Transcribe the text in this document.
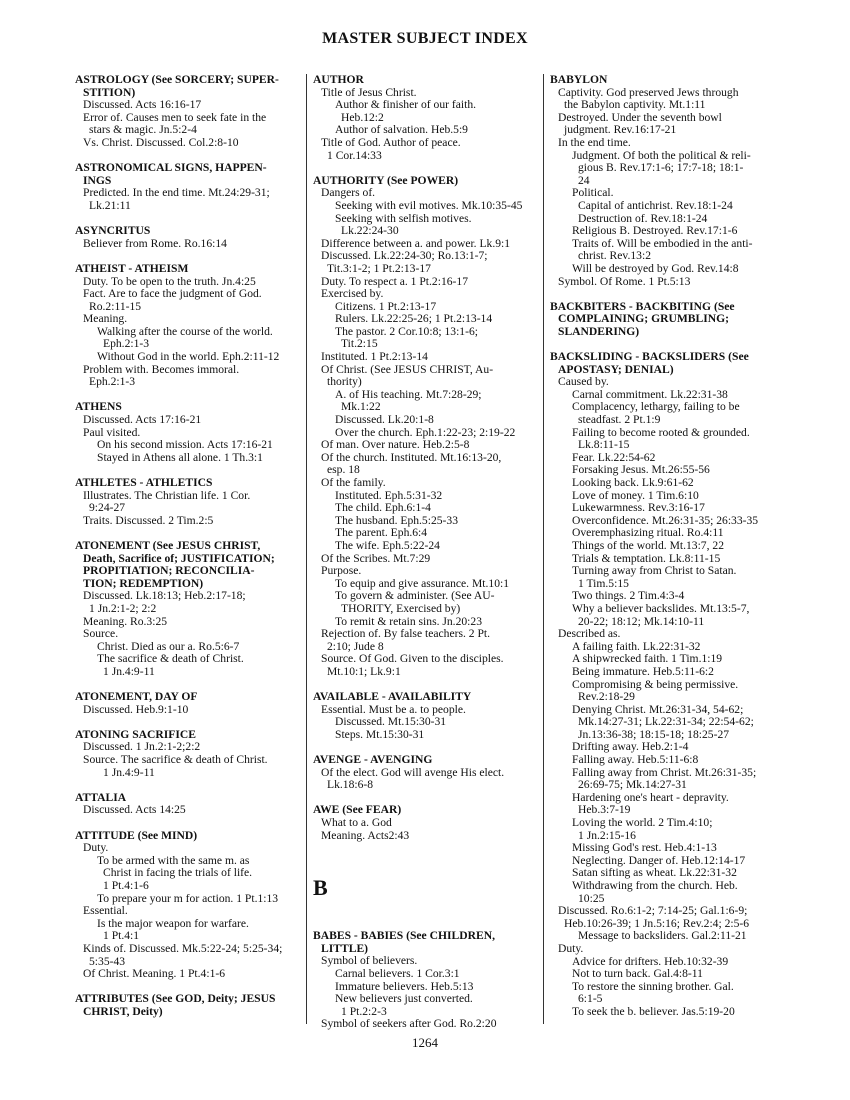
MASTER SUBJECT INDEX
ASTROLOGY (See SORCERY; SUPER-
STITION)
Discussed. Acts 16:16-17
Error of. Causes men to seek fate in the
stars & magic. Jn.5:2-4
Vs. Christ. Discussed. Col.2:8-10
ASTRONOMICAL SIGNS, HAPPEN-
INGS
Predicted. In the end time. Mt.24:29-31;
Lk.21:11
ASYNCRITUS
Believer from Rome. Ro.16:14
ATHEIST - ATHEISM
Duty. To be open to the truth. Jn.4:25
Fact. Are to face the judgment of God.
Ro.2:11-15
Meaning.
Walking after the course of the world.
Eph.2:1-3
Without God in the world. Eph.2:11-12
Problem with. Becomes immoral.
Eph.2:1-3
ATHENS
Discussed. Acts 17:16-21
Paul visited.
On his second mission. Acts 17:16-21
Stayed in Athens all alone. 1 Th.3:1
ATHLETES - ATHLETICS
Illustrates. The Christian life. 1 Cor.
9:24-27
Traits. Discussed. 2 Tim.2:5
ATONEMENT (See JESUS CHRIST,
Death, Sacrifice of; JUSTIFICATION;
PROPITIATION; RECONCILIA-
TION; REDEMPTION)
Discussed. Lk.18:13; Heb.2:17-18;
1 Jn.2:1-2; 2:2
Meaning. Ro.3:25
Source.
Christ. Died as our a. Ro.5:6-7
The sacrifice & death of Christ.
1 Jn.4:9-11
ATONEMENT, DAY OF
Discussed. Heb.9:1-10
ATONING SACRIFICE
Discussed. 1 Jn.2:1-2;2:2
Source. The sacrifice & death of Christ.
1 Jn.4:9-11
ATTALIA
Discussed. Acts 14:25
ATTITUDE (See MIND)
Duty.
To be armed with the same m. as
Christ in facing the trials of life.
1 Pt.4:1-6
To prepare your m for action. 1 Pt.1:13
Essential.
Is the major weapon for warfare.
1 Pt.4:1
Kinds of. Discussed. Mk.5:22-24; 5:25-34;
5:35-43
Of Christ. Meaning. 1 Pt.4:1-6
ATTRIBUTES (See GOD, Deity; JESUS
CHRIST, Deity)
AUTHOR
Title of Jesus Christ.
Author & finisher of our faith.
Heb.12:2
Author of salvation. Heb.5:9
Title of God. Author of peace.
1 Cor.14:33
AUTHORITY (See POWER)
Dangers of.
Seeking with evil motives. Mk.10:35-45
Seeking with selfish motives.
Lk.22:24-30
Difference between a. and power. Lk.9:1
Discussed. Lk.22:24-30; Ro.13:1-7;
Tit.3:1-2; 1 Pt.2:13-17
Duty. To respect a. 1 Pt.2:16-17
Exercised by.
Citizens. 1 Pt.2:13-17
Rulers. Lk.22:25-26; 1 Pt.2:13-14
The pastor. 2 Cor.10:8; 13:1-6;
Tit.2:15
Instituted. 1 Pt.2:13-14
Of Christ. (See JESUS CHRIST, Au-
thority)
A. of His teaching. Mt.7:28-29;
Mk.1:22
Discussed. Lk.20:1-8
Over the church. Eph.1:22-23; 2:19-22
Of man. Over nature. Heb.2:5-8
Of the church. Instituted. Mt.16:13-20,
esp. 18
Of the family.
Instituted. Eph.5:31-32
The child. Eph.6:1-4
The husband. Eph.5:25-33
The parent. Eph.6:4
The wife. Eph.5:22-24
Of the Scribes. Mt.7:29
Purpose.
To equip and give assurance. Mt.10:1
To govern & administer. (See AU-
THORITY, Exercised by)
To remit & retain sins. Jn.20:23
Rejection of. By false teachers. 2 Pt.
2:10; Jude 8
Source. Of God. Given to the disciples.
Mt.10:1; Lk.9:1
AVAILABLE - AVAILABILITY
Essential. Must be a. to people.
Discussed. Mt.15:30-31
Steps. Mt.15:30-31
AVENGE - AVENGING
Of the elect. God will avenge His elect.
Lk.18:6-8
AWE (See FEAR)
What to a. God
Meaning. Acts2:43
B
BABES - BABIES (See CHILDREN,
LITTLE)
Symbol of believers.
Carnal believers. 1 Cor.3:1
Immature believers. Heb.5:13
New believers just converted.
1 Pt.2:2-3
Symbol of seekers after God. Ro.2:20
BABYLON
Captivity. God preserved Jews through
the Babylon captivity. Mt.1:11
Destroyed. Under the seventh bowl
judgment. Rev.16:17-21
In the end time.
Judgment. Of both the political & reli-
gious B. Rev.17:1-6; 17:7-18; 18:1-
24
Political.
Capital of antichrist. Rev.18:1-24
Destruction of. Rev.18:1-24
Religious B. Destroyed. Rev.17:1-6
Traits of. Will be embodied in the anti-
christ. Rev.13:2
Will be destroyed by God. Rev.14:8
Symbol. Of Rome. 1 Pt.5:13
BACKBITERS - BACKBITING (See
COMPLAINING; GRUMBLING;
SLANDERING)
BACKSLIDING - BACKSLIDERS (See
APOSTASY; DENIAL)
Caused by.
Carnal commitment. Lk.22:31-38
Complacency, lethargy, failing to be
steadfast. 2 Pt.1:9
Failing to become rooted & grounded.
Lk.8:11-15
Fear. Lk.22:54-62
Forsaking Jesus. Mt.26:55-56
Looking back. Lk.9:61-62
Love of money. 1 Tim.6:10
Lukewarmness. Rev.3:16-17
Overconfidence. Mt.26:31-35; 26:33-35
Overemphasizing ritual. Ro.4:11
Things of the world. Mt.13:7, 22
Trials & temptation. Lk.8:11-15
Turning away from Christ to Satan.
1 Tim.5:15
Two things. 2 Tim.4:3-4
Why a believer backslides. Mt.13:5-7,
20-22; 18:12; Mk.14:10-11
Described as.
A failing faith. Lk.22:31-32
A shipwrecked faith. 1 Tim.1:19
Being immature. Heb.5:11-6:2
Compromising & being permissive.
Rev.2:18-29
Denying Christ. Mt.26:31-34, 54-62;
Mk.14:27-31; Lk.22:31-34; 22:54-62;
Jn.13:36-38; 18:15-18; 18:25-27
Drifting away. Heb.2:1-4
Falling away. Heb.5:11-6:8
Falling away from Christ. Mt.26:31-35;
26:69-75; Mk.14:27-31
Hardening one's heart - depravity.
Heb.3:7-19
Loving the world. 2 Tim.4:10;
1 Jn.2:15-16
Missing God's rest. Heb.4:1-13
Neglecting. Danger of. Heb.12:14-17
Satan sifting as wheat. Lk.22:31-32
Withdrawing from the church. Heb.
10:25
Discussed. Ro.6:1-2; 7:14-25; Gal.1:6-9;
Heb.10:26-39; 1 Jn.5:16; Rev.2:4; 2:5-6
Message to backsliders. Gal.2:11-21
Duty.
Advice for drifters. Heb.10:32-39
Not to turn back. Gal.4:8-11
To restore the sinning brother. Gal.
6:1-5
To seek the b. believer. Jas.5:19-20
1264
